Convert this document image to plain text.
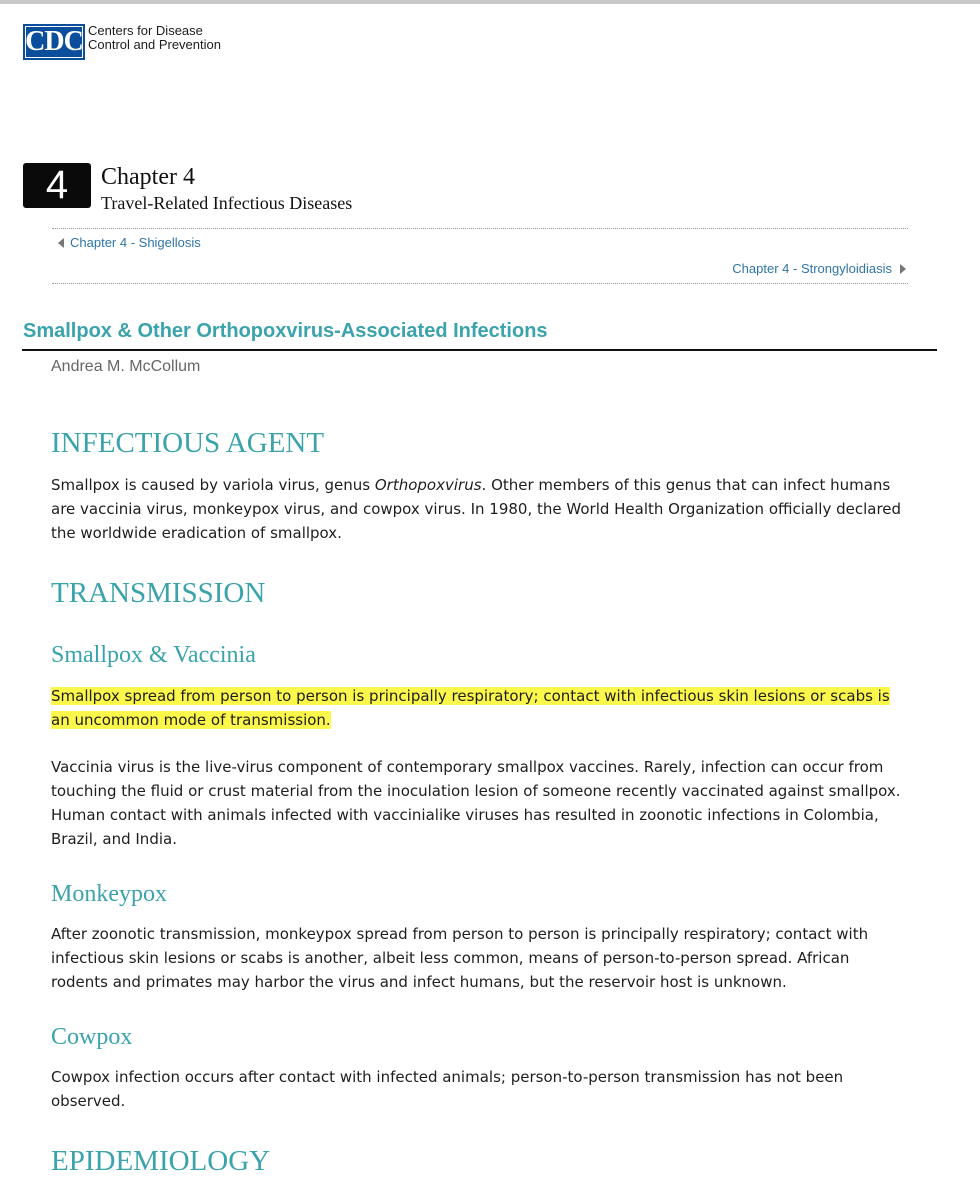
CDC Centers for Disease
Control and Prevention
4	Chapter 4
Travel-Related Infectious Diseases
Chapter 4 - Shigellosis
Chapter 4 - Strongyloidiasis
Smallpox & Other Orthopoxvirus-Associated Infections
Andrea M. McCollum
INFECTIOUS AGENT

Smallpox is caused by variola virus, genus Orthopoxvirus. Other members of this genus that can infect humans are vaccinia virus, monkeypox virus, and cowpox virus. In 1980, the World Health Organization officially declared the worldwide eradication of smallpox.

TRANSMISSION
Smallpox & Vaccinia

Smallpox spread from person to person is principally respiratory; contact with infectious skin lesions or scabs is an uncommon mode of transmission.

Vaccinia virus is the live-virus component of contemporary smallpox vaccines. Rarely, infection can occur from touching the fluid or crust material from the inoculation lesion of someone recently vaccinated against smallpox. Human contact with animals infected with vaccinialike viruses has resulted in zoonotic infections in Colombia, Brazil, and India.

Monkeypox

After zoonotic transmission, monkeypox spread from person to person is principally respiratory; contact with infectious skin lesions or scabs is another, albeit less common, means of person-to-person spread. African rodents and primates may harbor the virus and infect humans, but the reservoir host is unknown.

Cowpox

Cowpox infection occurs after contact with infected animals; person-to-person transmission has not been observed.

EPIDEMIOLOGY
